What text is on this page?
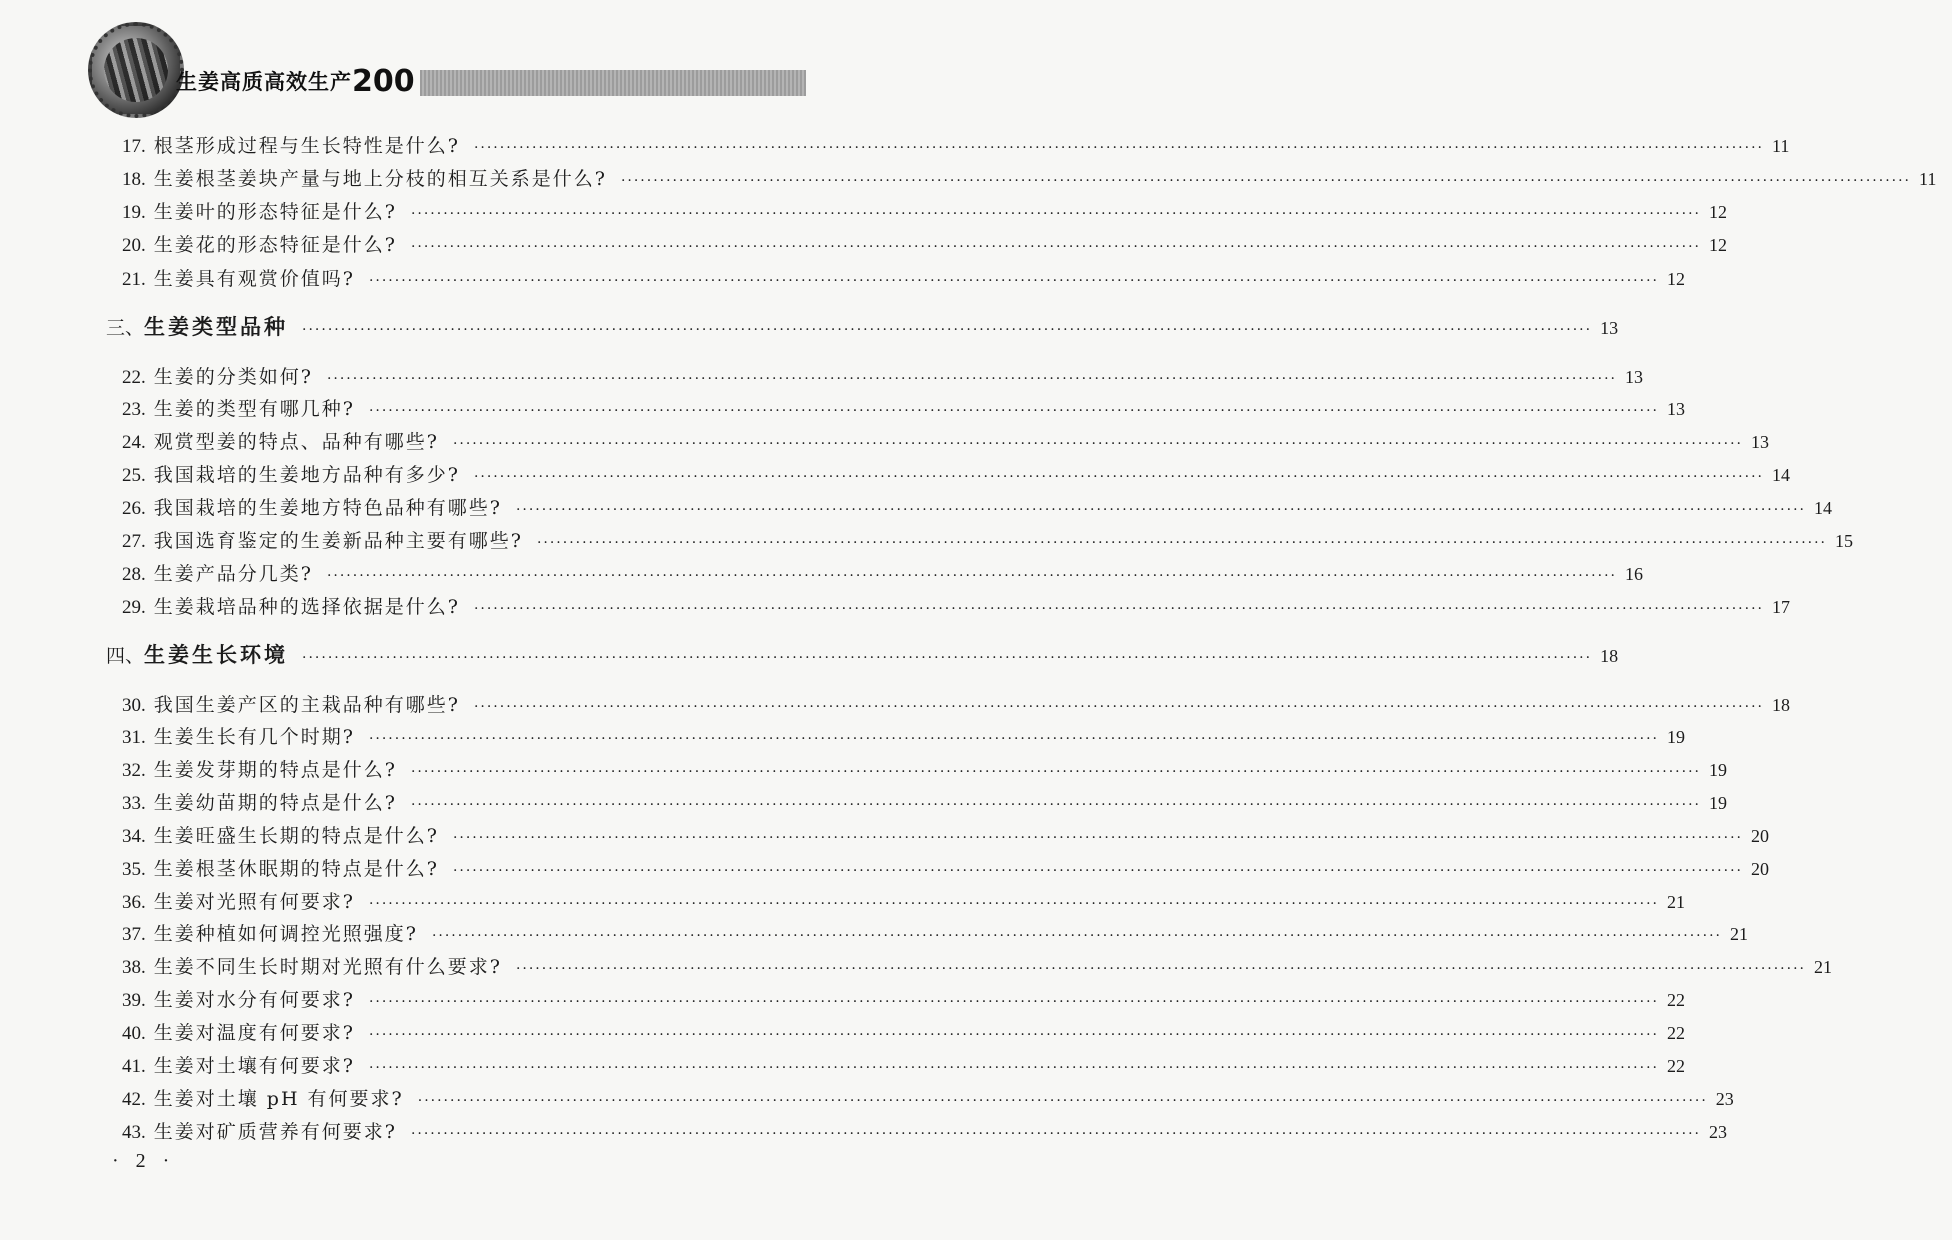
生姜高质高效生产200
17. 根茎形成过程与生长特性是什么? ········································································································································································································ 11
18. 生姜根茎姜块产量与地上分枝的相互关系是什么? ········································································································································································································ 11
19. 生姜叶的形态特征是什么? ········································································································································································································ 12
20. 生姜花的形态特征是什么? ········································································································································································································ 12
21. 生姜具有观赏价值吗? ········································································································································································································ 12
三、 生姜类型品种 ········································································································································································································ 13
22. 生姜的分类如何? ········································································································································································································ 13
23. 生姜的类型有哪几种? ········································································································································································································ 13
24. 观赏型姜的特点、品种有哪些? ········································································································································································································ 13
25. 我国栽培的生姜地方品种有多少? ········································································································································································································ 14
26. 我国栽培的生姜地方特色品种有哪些? ········································································································································································································ 14
27. 我国选育鉴定的生姜新品种主要有哪些? ········································································································································································································ 15
28. 生姜产品分几类? ········································································································································································································ 16
29. 生姜栽培品种的选择依据是什么? ········································································································································································································ 17
四、 生姜生长环境 ········································································································································································································ 18
30. 我国生姜产区的主栽品种有哪些? ········································································································································································································ 18
31. 生姜生长有几个时期? ········································································································································································································ 19
32. 生姜发芽期的特点是什么? ········································································································································································································ 19
33. 生姜幼苗期的特点是什么? ········································································································································································································ 19
34. 生姜旺盛生长期的特点是什么? ········································································································································································································ 20
35. 生姜根茎休眠期的特点是什么? ········································································································································································································ 20
36. 生姜对光照有何要求? ········································································································································································································ 21
37. 生姜种植如何调控光照强度? ········································································································································································································ 21
38. 生姜不同生长时期对光照有什么要求? ········································································································································································································ 21
39. 生姜对水分有何要求? ········································································································································································································ 22
40. 生姜对温度有何要求? ········································································································································································································ 22
41. 生姜对土壤有何要求? ········································································································································································································ 22
42. 生姜对土壤 pH 有何要求? ········································································································································································································ 23
43. 生姜对矿质营养有何要求? ········································································································································································································ 23
· 2 ·
